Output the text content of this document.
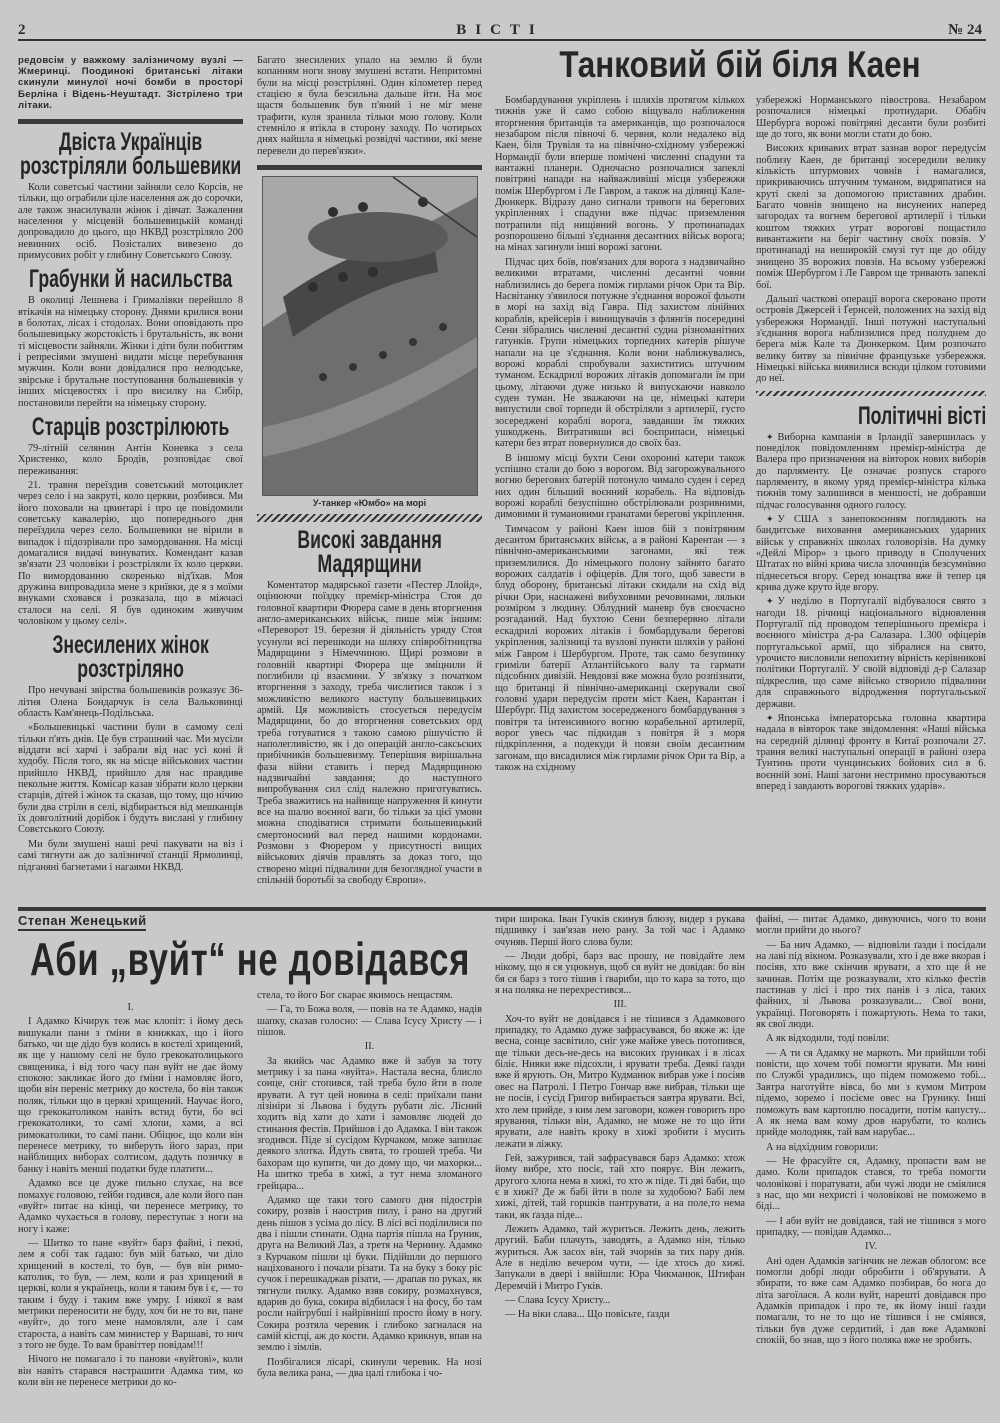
2	ВІСТІ	№ 24

редовсім у важкому залізничому вузлі — Жмеринці. Поодинокі британські літаки скинули минулої ночі бомби в просторі Берліна і Відень-Неуштадт. Зістрілено три літаки.

Двіста Українців розстріляли большевики

Коли советські частини зайняли село Корсів, не тільки, що ограбили ціле населення аж до сорочки, але також знасилували жінок і дівчат. Зажалення населення у місцевій большевицькій команді допровадило до цього, що НКВД розстріляло 200 невинних осіб. Позісталих вивезено до примусових робіт у глибину Советського Союзу.

Грабунки й насильства

В околиці Лешнева і Грималівки перейшло 8 втікачів на німецьку сторону. Днями крилися вони в болотах, лісах і стодолах. Вони оповідають про большевицьку жорстокість і брутальність, як вони ті місцевости зайняли. Жінки і діти були побиттям і репресіями змушені видати місце перебування мужчин. Коли вони довідалися про нелюдське, звірське і брутальне поступовання большевиків у інших місцевостях і про висилку на Сибір, постановили перейти на німецьку сторону.

Старців розстрілюють

79-літній селянин Антін Коневка з села Христенко, коло Бродів, розповідає свої переживання:

21. травня переїздив советський мотоциклет через село і на закруті, коло церкви, розбився. Ми його поховали на цвинтарі і про це повідомили советську кавалерію, що попереднього дня переїздила через село. Большевики не вірили в випадок і підозрівали про замордовання. На місці домагалися видачі винуватих. Комендант казав зв'язати 23 чоловіки і розстріляли їх коло церкви. По вимордованню скоренько від'їхав. Моя дружина випровадила мене з криївки, де я з моїми внуками сховався і розказала, що в міжчасі сталося на селі. Я був одиноким живучим чоловіком у цьому селі».

Знесилених жінок розстріляно

Про нечувані звірства большевиків розказує 36-літня Олена Бондарчук із села Вальковинці область Кам'янець-Подільська.

«Большевицькі частини були в самому селі тільки п'ять днів. Це був страшний час. Ми мусіли віддати всі харчі і забрали від нас усі коні й худобу. Після того, як на місце військових частин прийшло НКВД, прийшло для нас правдиве пекольне життя. Комісар казав зібрати коло церкви старців, дітей і жінок та сказав, що тому, що нічию були два стріли в селі, відбирається від мешканців їх довголітний дорібок і будуть вислані у глибину Совєтського Союзу.

Ми були змушені наші речі пакувати на віз і самі тягнути аж до залізничої станції Ярмолинці, підганяні багнетами і нагаями НКВД.

Багато знесилених упало на землю й були копанням ноги знову змушені встати. Непритомні були на місці розстріляні. Один кілометер перед стацією я була безсильна дальше йти. На моє щастя большевик був п'яний і не міг мене трафити, куля зранила тільки мою голову. Коли стемніло я втікла в сторону заходу. По чотирьох днях найшла я німецькі розвідчі частини, які мене перевели до перев'язки».

У-танкер «Юмбо» на морі
Високі завдання Мадярщини

Коментатор мадярської газети «Пестер Ллойд», оцінюючи поїздку премієр-міністра Стоя до головної квартири Фюрера саме в день вторгнення англо-американських військ, пише між іншим: «Переворот 19. березня й діяльність уряду Стоя усунули всі перешкоди на шляху співробітництва Мадярщини з Німеччиною. Щирі розмови в головній квартирі Фюрера ще зміцнили й поглибили ці взаємини. У зв'язку з початком вторгнення з заходу, треба числитися також і з можливістю великого наступу большевицьких армій. Ця можливість стосується передусім Мадярщини, бо до вторгнення советських орд треба готуватися з такою самою рішучістю й наполегливістю, як і до операцій англо-саксьских прибічників большевизму. Теперішня вирішальна фаза війни ставить і перед Мадярщиною надзвичайні завдання; до наступного випробування сил слід належно приготуватись. Треба зважитись на найвище напруження й кинути все на шалю воєнної ваги, бо тільки за цієї умови можна сподіватися стримати большевицький смертоносний вал перед нашими кордонами. Розмови з Фюрером у присутності вищих військових діячів правлять за доказ того, що створено міцні підвалини для безоглядної участи в спільній боротьбі за свободу Європи».

Танковий бій біля Каен

Бомбардування укріплень і шляхів протягом кількох тижнів уже й само собою віщувало наближення вторгнення британців та американців, що розпочалося незабаром після півночі 6. червня, коли недалеко від Каен, біля Трувіля та на північно-східному узбережжі Нормандії були вперше помічені численні спадуни та вантажні планери. Одночасно розпочалися запеклі повітряні напади на найважливіші місця узбережжя поміж Шербургом і Ле Гавром, а також на ділянці Кале-Дюнкерк. Відразу дано сигнали тривоги на берегових укріпленнях і спадуни вже підчас приземлення потрапили під нищівний вогонь. У протинападах розпорошено більші з'єднання десантних військ ворога; на мінах загинули інші ворожі загони.

Підчас цих боїв, пов'язаних для ворога з надзвичайно великими втратами, численні десантні човни наблизились до берега поміж гирлами річок Ори та Вір. Насвітанку з'явилося потужне з'єднання ворожої фльоти в морі на захід від Гавра. Під захистом лінійних кораблів, крейсерів і винищувачів з флянгів посередині Сени зібрались численні десантні судна різноманітних гатунків. Групи німецьких торпедних катерів рішуче напали на це з'єднання. Коли вони наближувались, ворожі кораблі спробували захиститись штучним туманом. Ескадрилі ворожих літаків допомагали їм при цьому, літаючи дуже низько й випускаючи навколо суден туман. Не зважаючи на це, німецькі катери випустили свої торпеди й обстріляли з артилерії, густо зосереджені кораблі ворога, завдавши їм тяжких ушкоджень. Витративши всі боєприпаси, німецькі катери без втрат повернулися до своїх баз.

В іншому місці бухти Сени охоронні катери також успішно стали до бою з ворогом. Від загорожувального вогню берегових батерій потонуло чимало суден і серед них один більший воєнний корабель. На відповідь ворожі кораблі безуспішно обстрілювали розривними, димовими й тумановими гранатами берегові укріплення.

Тимчасом у районі Каен ішов бій з повітряним десантом британських військ, а в районі Карентан — з північно-американськими загонами, які теж приземлилися. До німецького полону зайнято багато ворожих салдатів і офіцерів. Для того, щоб завести в блуд оборону, британські літаки скидали на схід від річки Ори, наснажені вибуховими речовинами, ляльки розміром з людину. Облудний маневр був своєчасно розгаданий. Над бухтою Сени безперервно літали ескадрилі ворожих літаків і бомбардували берегові укріплення, залізниці та вузлові пункти шляхів у районі між Гавром і Шербургом. Проте, так само безупинку гриміли батерії Атлантійського валу та гармати підсобних дивізій. Невдовзі вже можна було розпізнати, що британці й північно-американці скерували свої головні удари передусім проти міст Каен, Карантан і Шербург. Під захистом зосередженого бомбардування з повітря та інтенсивного вогню корабельної артилерії, ворог увесь час підкидав з повітря й з моря підкріплення, а подекуди й повзи своїм десантним загонам, що висадилися між гирлами річок Ори та Вір, а також на східному

узбережжі Норманського півострова. Незабаром розпочалися німецькі протиудари. Обабіч Шербурга ворожі повітряні десанти були розбиті ще до того, як вони могли стати до бою.

Високих кривавих втрат зазнав ворог передусім поблизу Каен, де британці зосередили велику кількість штурмових човнів і намагалися, прикриваючись штучним туманом, видряпатися на круті скелі за допомогою приставних драбин. Багато човнів знищено на висунених наперед загородах та вогнем берегової артилерії і тільки коштом тяжких утрат ворогові пощастило вивантажити на беріг частину своїх повзів. У протинападі на неширокій смузі тут ще до обіду знищено 35 ворожих повзів. На всьому узбережжі поміж Шербургом і Ле Гавром ще тривають запеклі бої.

Дальші часткові операції ворога скеровано проти островів Джерсей і Ґернсей, положених на захід від узбережжя Нормандії. Інші потужні наступальні з'єднання ворога наблизилися пред полуднем до берега між Кале та Дюнкерком. Цим розпочато велику битву за північне французьке узбережжя. Німецькі війська виявилися всюди цілком готовими до неї.

Політичні вісті

✦ Виборна кампанія в Ірландії завершилась у понеділок повідомленням премієр-міністра де Валера про призначення на вівторок нових виборів до парляменту. Це означає розпуск старого парляменту, в якому уряд премієр-міністра кілька тижнів тому залишився в меншості, не добравши підчас голосування одного голосу.

✦ У США з занепокоєнням поглядають на бандитське виховання американських ударних військ у справжніх школах головорізів. На думку «Дейлі Мірор» з цього приводу в Сполучених Штатах по війні крива числа злочинців безсумнівно піднесеться вгору. Серед юнацтва вже й тепер ця крива дуже круто йде вгору.

✦ У неділю в Португалії відбувалося свято з нагоди 18. річниці національного відновлення Португалії під проводом теперішнього премієра і воєнного міністра д-ра Салазара. 1.300 офіцерів португальської армії, що зібралися на свято, урочисто висловили непохитну вірність керівникові політики Португалії. У своїй відповіді д-р Салазар підкреслив, що саме військо створило підвалини для справжнього відродження португальської держави.

✦ Японська імператорська головна квартира надала в вівторок таке звідомлення: «Наші війська на середній ділянці фронту в Китаї розпочали 27. травня великі наступальні операції в районі озера Тунтинь проти чунцинських бойових сил в 6. воєнній зоні. Наші загони нестримно просуваються вперед і завдають ворогові тяжких ударів».

Степан Женецький
Аби „вуйт“ не довідався

I.

І Адамко Кічирук теж має клопіт: і йому десь вишукали пани з ґміни в книжках, що і його батько, чи ще дідо був колись в костелі хрищений, як ще у нашому селі не було грекокатолицького священика, і від того часу пан вуйт не дає йому спокою: закликає його до ґміни і намовляє його, щоби він переніс метрику до костела, бо він також поляк, тільки що в церкві хрищений. Научає його, що грекокатоликом навіть встид бути, бо всі грекокатолики, то самі хлопи, хами, а всі римокатолики, то самі пани. Обіцює, що коли він перенесе метрику, то виберуть його зараз, при найблищих виборах солтисом, дадуть позичку в банку і навіть менші податки буде платити...

Адамко все це дуже пильно слухає, на все помахує головою, гейби годився, але коли його пан «вуйт» питає на кінці, чи перенесе метрику, то Адамко чухається в голову, переступає з ноги на ногу і каже:

— Шитко то пане «вуйт» барз файні, і пекні, лем я собі так ґадаю: був мій батько, чи діло хрищений в костелі, то був, — був він римо-католик, то був, — лем, коли я раз хрищений в церкві, коли я українець, коли я таким був і є, — то таким і буду і таким вже умру. І ніякої я вам метрики переносити не буду, хоч би не то ви, пане «вуйт», до того мене намовляли, але і сам староста, а навіть сам министер у Варшаві, то нич з того не буде. То вам бравіттер повідам!!!

Нічого не помагало і то панови «вуйтові», коли він навіть старався настрашити Адамка тим, ко коли він не перенесе метрики до ко-

стела, то його Бог скарає якимось нещастям.

— Га, то Божа воля, — повів на те Адамко, надів шапку, сказав голосно: — Слава Ісусу Христу — і пішов.

II.

За якийсь час Адамко вже й забув за тоту метрику і за пана «вуйта». Настала весна, блисло сонце, сніг стопився, тай треба було йти в поле ярувати. А тут цей новина в селі: приїхали пани лізініри зі Львова і будуть рубати ліс. Лісний ходить від хати до хати і замовляє людей до стинання фестів. Прийшов і до Адамка. І він також згодився. Піде зі сусідом Курчаком, може запилає деякого злотка. Йдуть свята, то грошей треба. Чи бахорам що купити, чи до дому що, чи махорки... На шитко треба в хижі, а тут нема зломаного грейцара...

Адамко ще таки того самого дня підострів сокиру, розвів і наострив пилу, і рано на другий день пішов з усіма до лісу. В лісі всі поділилися по два і пішли стинати. Одна партія пішла на Ґруник, друга на Великий Лаз, а третя на Чернину. Адамко з Курчаком пішли ці буки. Підійшли до першого націхованого і почали різати. Та на буку з боку ріс сучок і перешкаджав різати, — драпав по руках, як тягнули пилку. Адамко взяв сокиру, розмахнувся, вдарив до бука, сокира відбилася і на фосу, бо там росли найгрубші і найрівніші просто йому в ногу. Сокира розтяла черевик і глибоко загналася на самій кістці, аж до кости. Адамко крикнув, впав на землю і зімлів.

Позбігалися лісарі, скинули черевик. На нозі була велика рана, — два цалі глибока і чо-

тири широка. Іван Гучків скинув блюзу, видер з рукава підшивку і зав'язав нею рану. За той час і Адамко очуняв. Перші його слова були:

— Люди добрі, барз вас прошу, не повідайте лем нікому, що я ся уцюкнув, щоб ся вуйт не довідав: бо він бя ся барз з того тішив і ґвариби, що то кара за тото, що я на поляка не перехрестився...

III.

Хоч-то вуйт не довідався і не тішився з Адамкового припадку, то Адамко дуже зафрасувався, бо якже ж: іде весна, сонце засвітило, сніг уже майже увесь потопився, ще тільки десь-не-десь на високих ґруниках і в лісах біліє. Нивки вже підсохли, і ярувати треба. Деякі ґазди вже й ярують. Он, Митро Кудманюк вибрав уже і посіяв овес на Патролі. І Петро Гончар вже вибрав, тільки ще не посів, і сусід Григор вибирається завтра ярувати. Всі, хто лем прийде, з ким лем заговори, кожен говорить про ярування, тільки він, Адамко, не може не то що йти ярувати, але навіть кроку в хижі зробити і мусить лежати в ліжку.

Гей, зажурився, тай зафрасувався барз Адамко: хтож йому вибре, хто посіє, тай хто поярує. Він лежить, другого хлопа нема в хижі, то хто ж піде. Ті дві баби, що є в хижі? Де ж бабі йти в поле за худобою? Бабі лем хижі, дітей, тай горшків пантрувати, а на поле,то нема таки, як ґазда піде...

Лежить Адамко, тай журиться. Лежить день, лежить другий. Баби плачуть, заводять, а Адамко нін, тілько журиться. Аж засох він, тай зчорнів за тих пару днів. Але в неділю вечером чути, — іде хтось до хижі. Запукали в двері і ввійшли: Юра Чикманюк, Штифан Деремчій і Митро Гуків.

— Слава Ісусу Христу...

— На віки слава... Що повісьте, ґазди

файні, — питає Адамко, дивуючись, чого то вони могли прийти до нього?

— Ба нич Адамко, — відповіли ґазди і посідали на лаві під вікном. Розказували, хто і де вже вкорав і посіяв, хто вже скінчив ярувати, а хто ще й не зачинав. Потім ще розказували, хто кілько фестів пастинав у лісі і про тих панів і з ліса, таких файних, зі Львова розказували... Свої вони, українці. Поговорять і пожартують. Нема то таки, як свої люди.

А як відходили, тоді повіли:

— А ти ся Адамку не маркоть. Ми прийшли тобі повісти, що хочем тобі помогти ярувати. Ми нині по Службі урадились, що підем поможемо тобі... Завтра наготуйте вівса, бо ми з кумом Митром підемо, зоремо і посієме овес на Грунику. Інші поможуть вам картоплю посадити, потім капусту... А як нема вам кому дров нарубати, то колись прийде молодняк, тай вам нарубає...

А на відхідним говорили:

— Не фрасуйте ся, Адамку, пропасти вам не дамо. Коли припадок стався, то треба помогти чоловікові і поратувати, аби чужі люди не сміялися з нас, що ми нехристі і чоловікові не поможемо в біді...

— І аби вуйт не довідався, тай не тішився з мого припадку, — повідав Адамко...

IV.

Ані оден Адамків загінчик не лежав облогом: все помогли добрі люди обробити і об'ярувати. А збирати, то вже сам Адамко позбирав, бо нога до літа загоїлася. А коли вуйт, нарешті довідався про Адамків припадок і про те, як йому інші ґазди помагали, то не то що не тішився і не сміявся, тільки був дуже сердитий, і дав вже Адамкові спокій, бо знав, що з його поляка вже не зробить.
